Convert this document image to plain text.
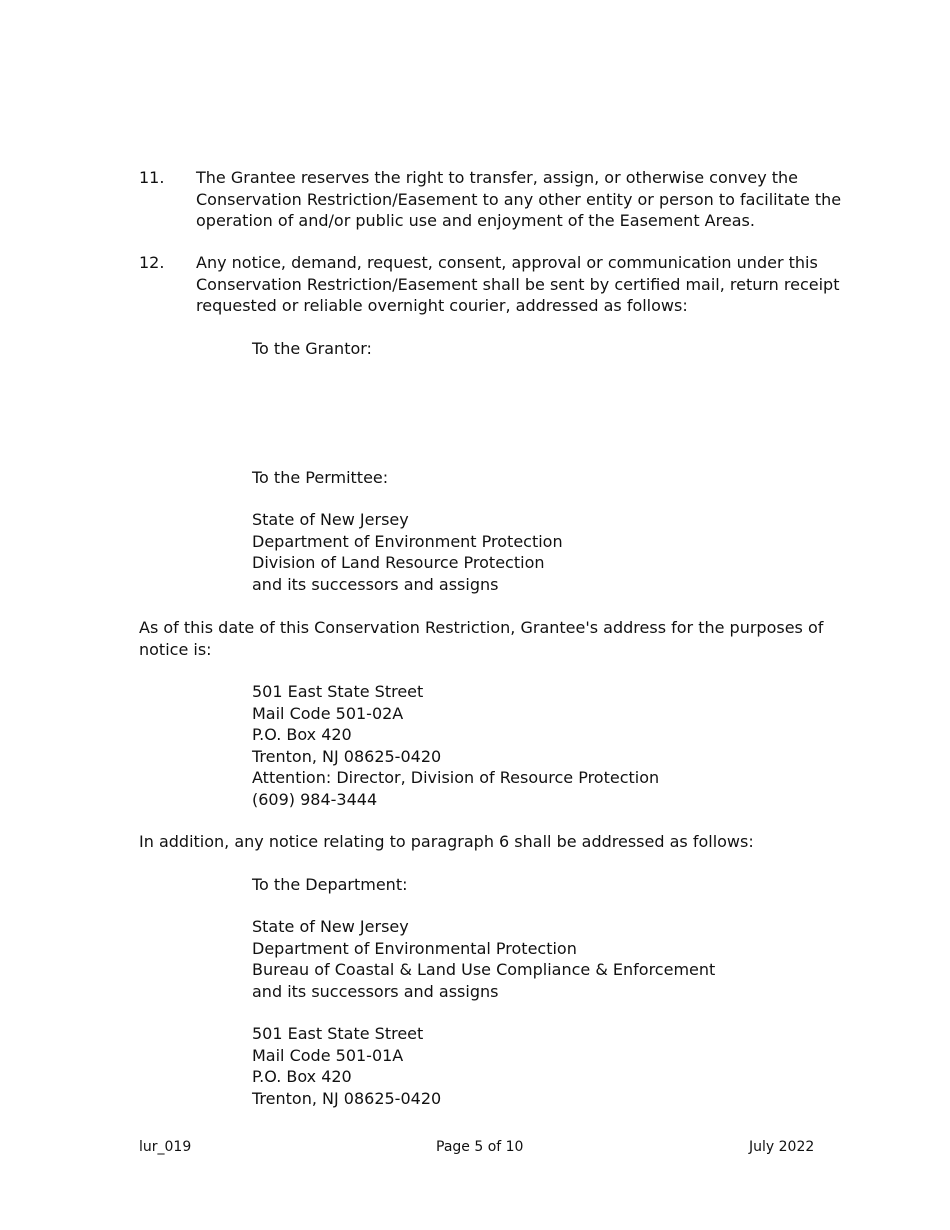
11. The Grantee reserves the right to transfer, assign, or otherwise convey the
Conservation Restriction/Easement to any other entity or person to facilitate the
operation of and/or public use and enjoyment of the Easement Areas.
12. Any notice, demand, request, consent, approval or communication under this
Conservation Restriction/Easement shall be sent by certified mail, return receipt
requested or reliable overnight courier, addressed as follows:
To the Grantor:
To the Permittee:
State of New Jersey
Department of Environment Protection
Division of Land Resource Protection
and its successors and assigns
As of this date of this Conservation Restriction, Grantee's address for the purposes of
notice is:
501 East State Street
Mail Code 501-02A
P.O. Box 420
Trenton, NJ 08625-0420
Attention: Director, Division of Resource Protection
(609) 984-3444
In addition, any notice relating to paragraph 6 shall be addressed as follows:
To the Department:
State of New Jersey
Department of Environmental Protection
Bureau of Coastal & Land Use Compliance & Enforcement
and its successors and assigns
501 East State Street
Mail Code 501-01A
P.O. Box 420
Trenton, NJ 08625-0420
lur_019	Page 5 of 10	July 2022
